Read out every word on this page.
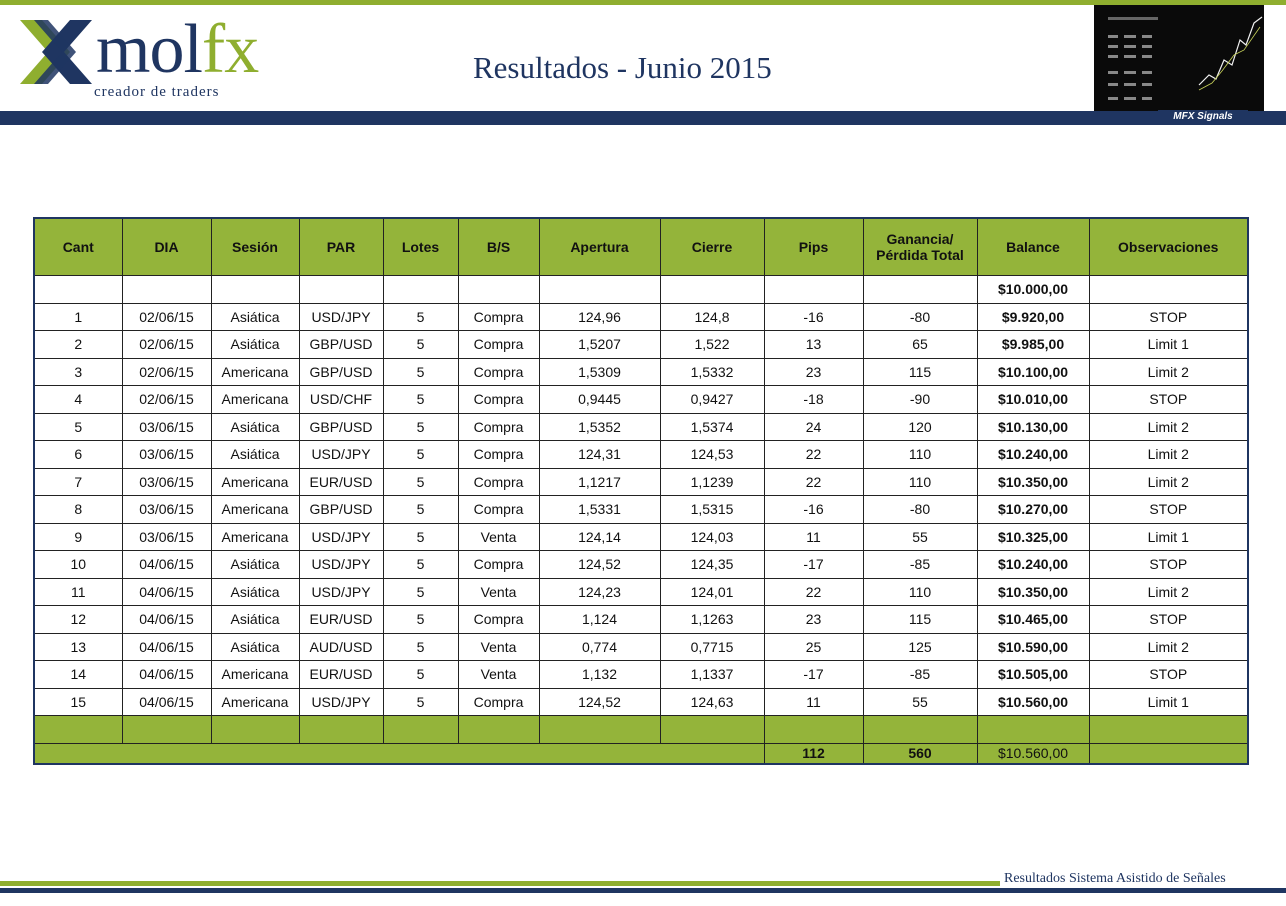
molfx
creador de traders
Resultados - Junio 2015
MFX Signals
Cant	DIA	Sesión	PAR	Lotes	B/S	Apertura	Cierre	Pips	Ganancia/ Pérdida Total	Balance	Observaciones
										$10.000,00	
1	02/06/15	Asiática	USD/JPY	5	Compra	124,96	124,8	-16	-80	$9.920,00	STOP
2	02/06/15	Asiática	GBP/USD	5	Compra	1,5207	1,522	13	65	$9.985,00	Limit 1
3	02/06/15	Americana	GBP/USD	5	Compra	1,5309	1,5332	23	115	$10.100,00	Limit 2
4	02/06/15	Americana	USD/CHF	5	Compra	0,9445	0,9427	-18	-90	$10.010,00	STOP
5	03/06/15	Asiática	GBP/USD	5	Compra	1,5352	1,5374	24	120	$10.130,00	Limit 2
6	03/06/15	Asiática	USD/JPY	5	Compra	124,31	124,53	22	110	$10.240,00	Limit 2
7	03/06/15	Americana	EUR/USD	5	Compra	1,1217	1,1239	22	110	$10.350,00	Limit 2
8	03/06/15	Americana	GBP/USD	5	Compra	1,5331	1,5315	-16	-80	$10.270,00	STOP
9	03/06/15	Americana	USD/JPY	5	Venta	124,14	124,03	11	55	$10.325,00	Limit 1
10	04/06/15	Asiática	USD/JPY	5	Compra	124,52	124,35	-17	-85	$10.240,00	STOP
11	04/06/15	Asiática	USD/JPY	5	Venta	124,23	124,01	22	110	$10.350,00	Limit 2
12	04/06/15	Asiática	EUR/USD	5	Compra	1,124	1,1263	23	115	$10.465,00	STOP
13	04/06/15	Asiática	AUD/USD	5	Venta	0,774	0,7715	25	125	$10.590,00	Limit 2
14	04/06/15	Americana	EUR/USD	5	Venta	1,132	1,1337	-17	-85	$10.505,00	STOP
15	04/06/15	Americana	USD/JPY	5	Compra	124,52	124,63	11	55	$10.560,00	Limit 1

								112	560	$10.560,00	
Resultados Sistema Asistido de Señales
